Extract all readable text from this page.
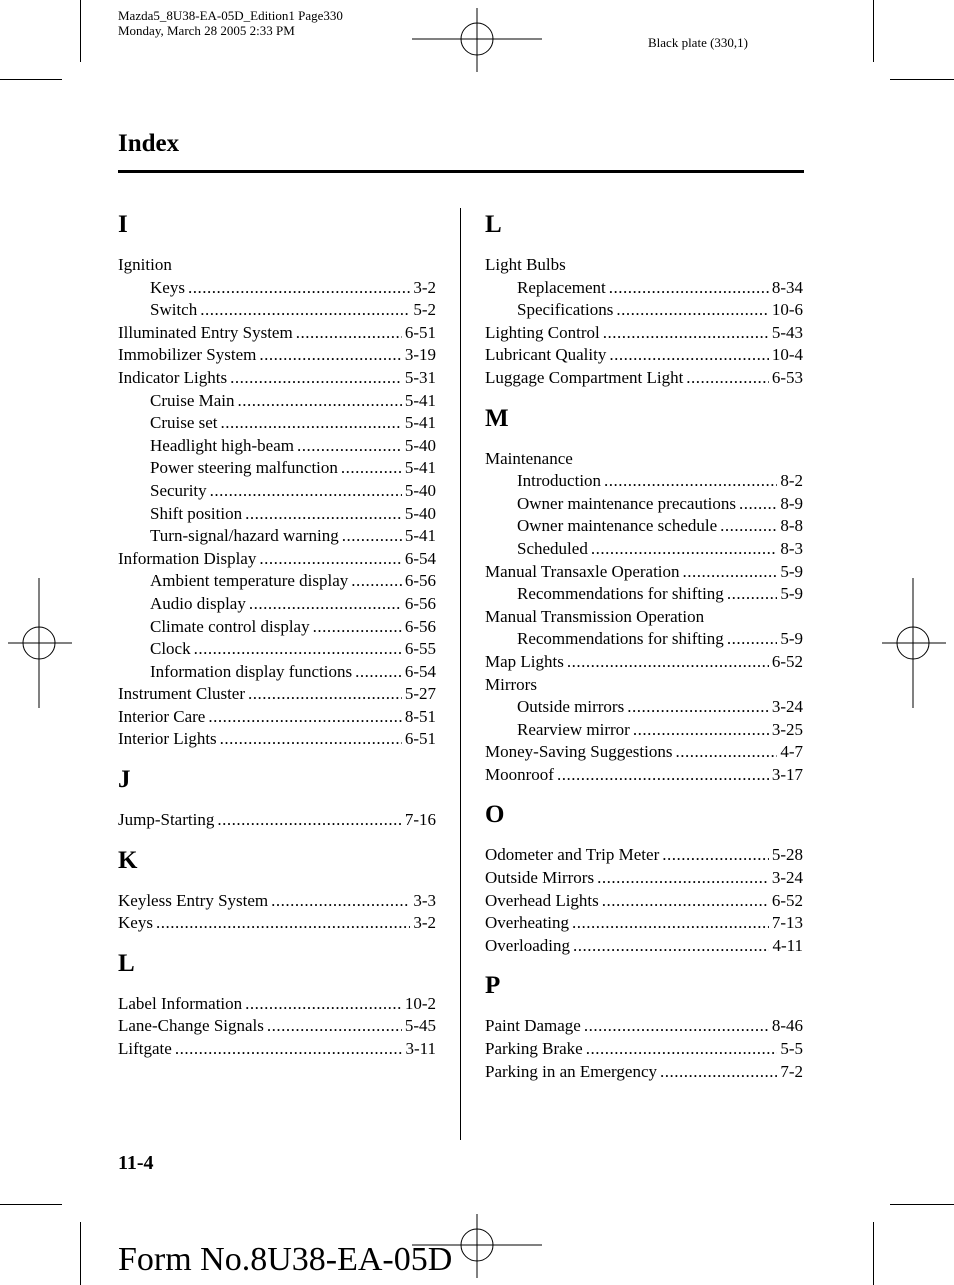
Mazda5_8U38-EA-05D_Edition1 Page330
Monday, March 28 2005 2:33 PM
Black plate (330,1)
Index
I
Ignition
Keys .....	3-2
Switch .....	5-2
Illuminated Entry System .....	6-51
Immobilizer System .....	3-19
Indicator Lights .....	5-31
Cruise Main .....	5-41
Cruise set .....	5-41
Headlight high-beam .....	5-40
Power steering malfunction .....	5-41
Security .....	5-40
Shift position .....	5-40
Turn-signal/hazard warning .....	5-41
Information Display .....	6-54
Ambient temperature display .....	6-56
Audio display .....	6-56
Climate control display .....	6-56
Clock .....	6-55
Information display functions .....	6-54
Instrument Cluster .....	5-27
Interior Care .....	8-51
Interior Lights .....	6-51
J
Jump-Starting .....	7-16
K
Keyless Entry System .....	3-3
Keys .....	3-2
L
Label Information .....	10-2
Lane-Change Signals .....	5-45
Liftgate .....	3-11
L
Light Bulbs
Replacement .....	8-34
Specifications .....	10-6
Lighting Control .....	5-43
Lubricant Quality .....	10-4
Luggage Compartment Light .....	6-53
M
Maintenance
Introduction .....	8-2
Owner maintenance precautions .....	8-9
Owner maintenance schedule .....	8-8
Scheduled .....	8-3
Manual Transaxle Operation .....	5-9
Recommendations for shifting .....	5-9
Manual Transmission Operation
Recommendations for shifting .....	5-9
Map Lights .....	6-52
Mirrors
Outside mirrors .....	3-24
Rearview mirror .....	3-25
Money-Saving Suggestions .....	4-7
Moonroof .....	3-17
O
Odometer and Trip Meter .....	5-28
Outside Mirrors .....	3-24
Overhead Lights .....	6-52
Overheating .....	7-13
Overloading .....	4-11
P
Paint Damage .....	8-46
Parking Brake .....	5-5
Parking in an Emergency .....	7-2
11-4
Form No.8U38-EA-05D
